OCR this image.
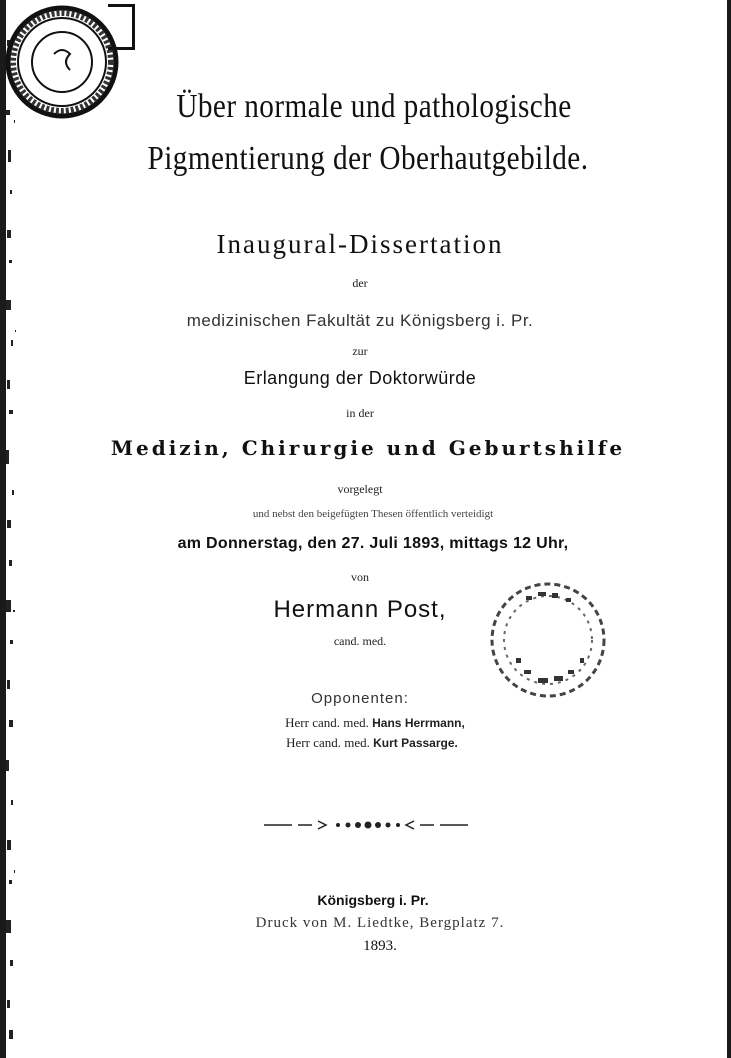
Über normale und pathologische
Pigmentierung der Oberhautgebilde.
Inaugural-Dissertation
der
medizinischen Fakultät zu Königsberg i. Pr.
zur
Erlangung der Doktorwürde
in der
Medizin, Chirurgie und Geburtshilfe
vorgelegt
und nebst den beigefügten Thesen öffentlich verteidigt
am Donnerstag, den 27. Juli 1893, mittags 12 Uhr,
von
Hermann Post,
cand. med.
Opponenten:
Herr cand. med. Hans Herrmann,
Herr cand. med. Kurt Passarge.
Königsberg i. Pr.
Druck von M. Liedtke, Bergplatz 7.
1893.
